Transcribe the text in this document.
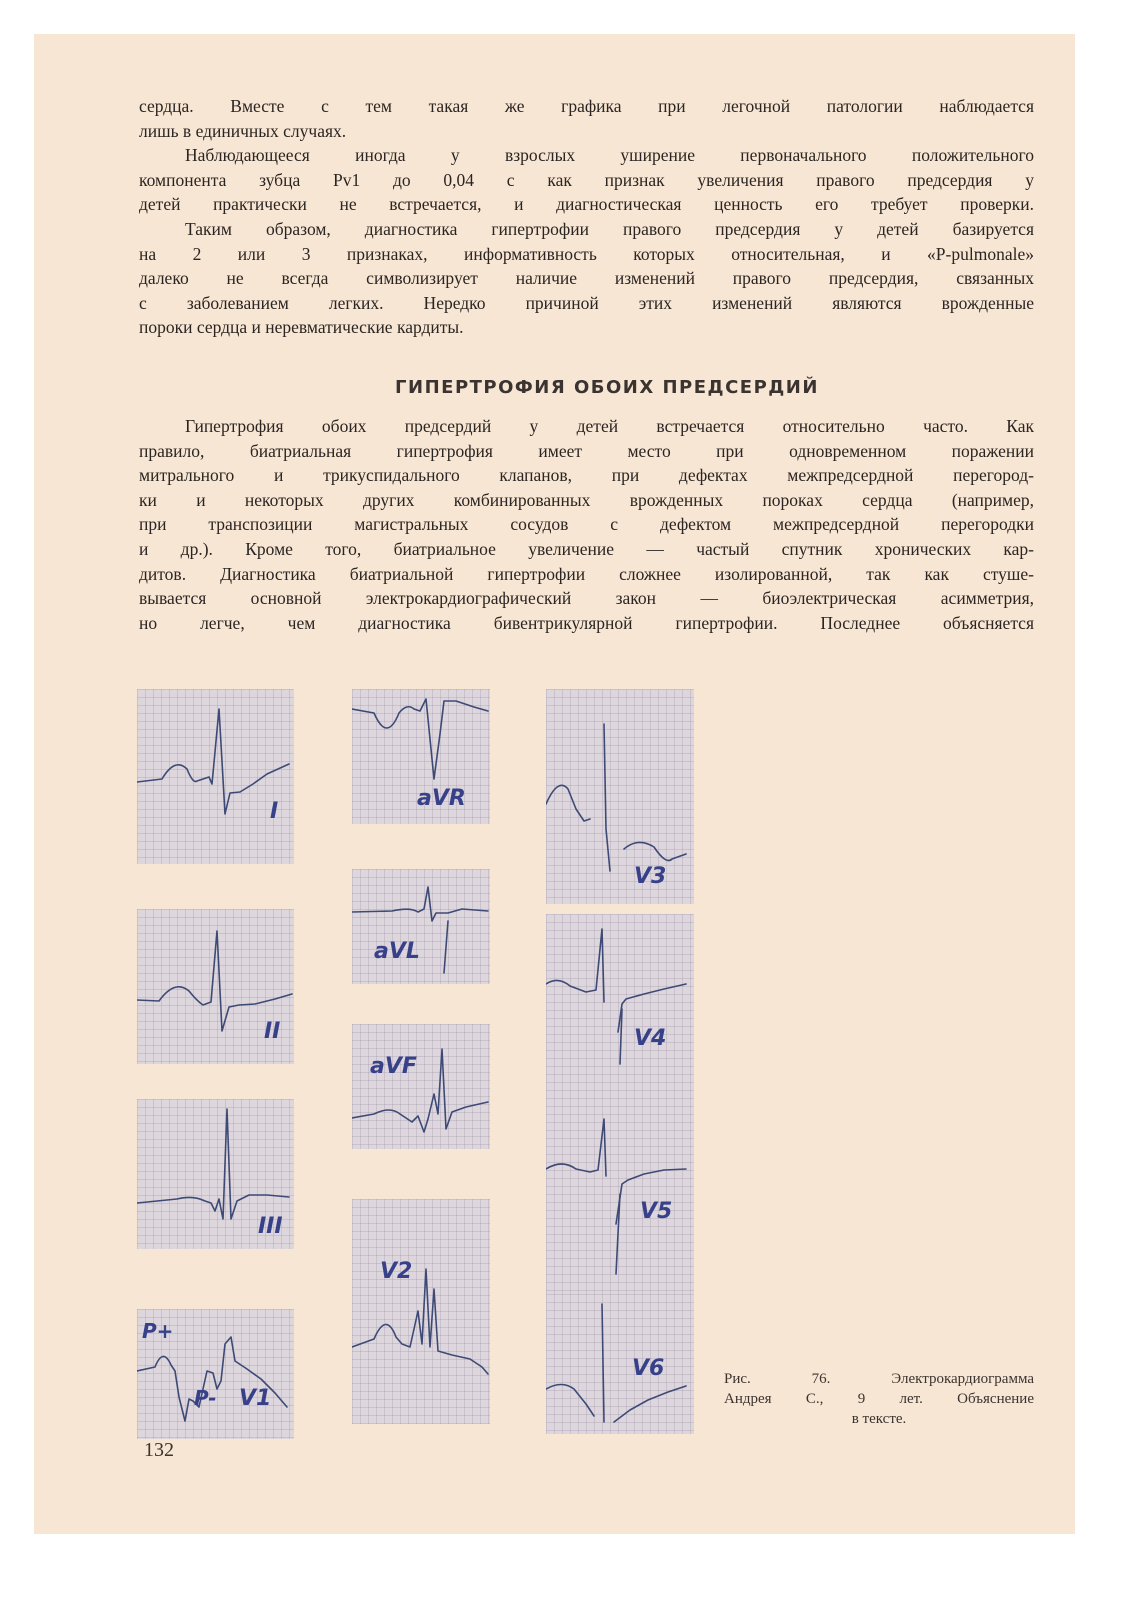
сердца. Вместе с тем такая же графика при легочной патологии наблюдается
лишь в единичных случаях.
Наблюдающееся иногда у взрослых уширение первоначального положительного
компонента зубца Pv1 до 0,04 с как признак увеличения правого предсердия у
детей практически не встречается, и диагностическая ценность его требует проверки.
Таким образом, диагностика гипертрофии правого предсердия у детей базируется
на 2 или 3 признаках, информативность которых относительная, и «P-pulmonale»
далеко не всегда символизирует наличие изменений правого предсердия, связанных
с заболеванием легких. Нередко причиной этих изменений являются врожденные
пороки сердца и неревматические кардиты.
ГИПЕРТРОФИЯ ОБОИХ ПРЕДСЕРДИЙ
Гипертрофия обоих предсердий у детей встречается относительно часто. Как
правило, биатриальная гипертрофия имеет место при одновременном поражении
митрального и трикуспидального клапанов, при дефектах межпредсердной перегород-
ки и некоторых других комбинированных врожденных пороках сердца (например,
при транспозиции магистральных сосудов с дефектом межпредсердной перегородки
и др.). Кроме того, биатриальное увеличение — частый спутник хронических кар-
дитов. Диагностика биатриальной гипертрофии сложнее изолированной, так как стуше-
вывается основной электрокардиографический закон — биоэлектрическая асимметрия,
но легче, чем диагностика бивентрикулярной гипертрофии. Последнее объясняется
I
aVR
aVL
V3
II
aVF
V4
III
V5
V2
V6
V1
P+
P-
Рис. 76. Электрокардиограмма
Андрея С., 9 лет. Объяснение
в тексте.
132
